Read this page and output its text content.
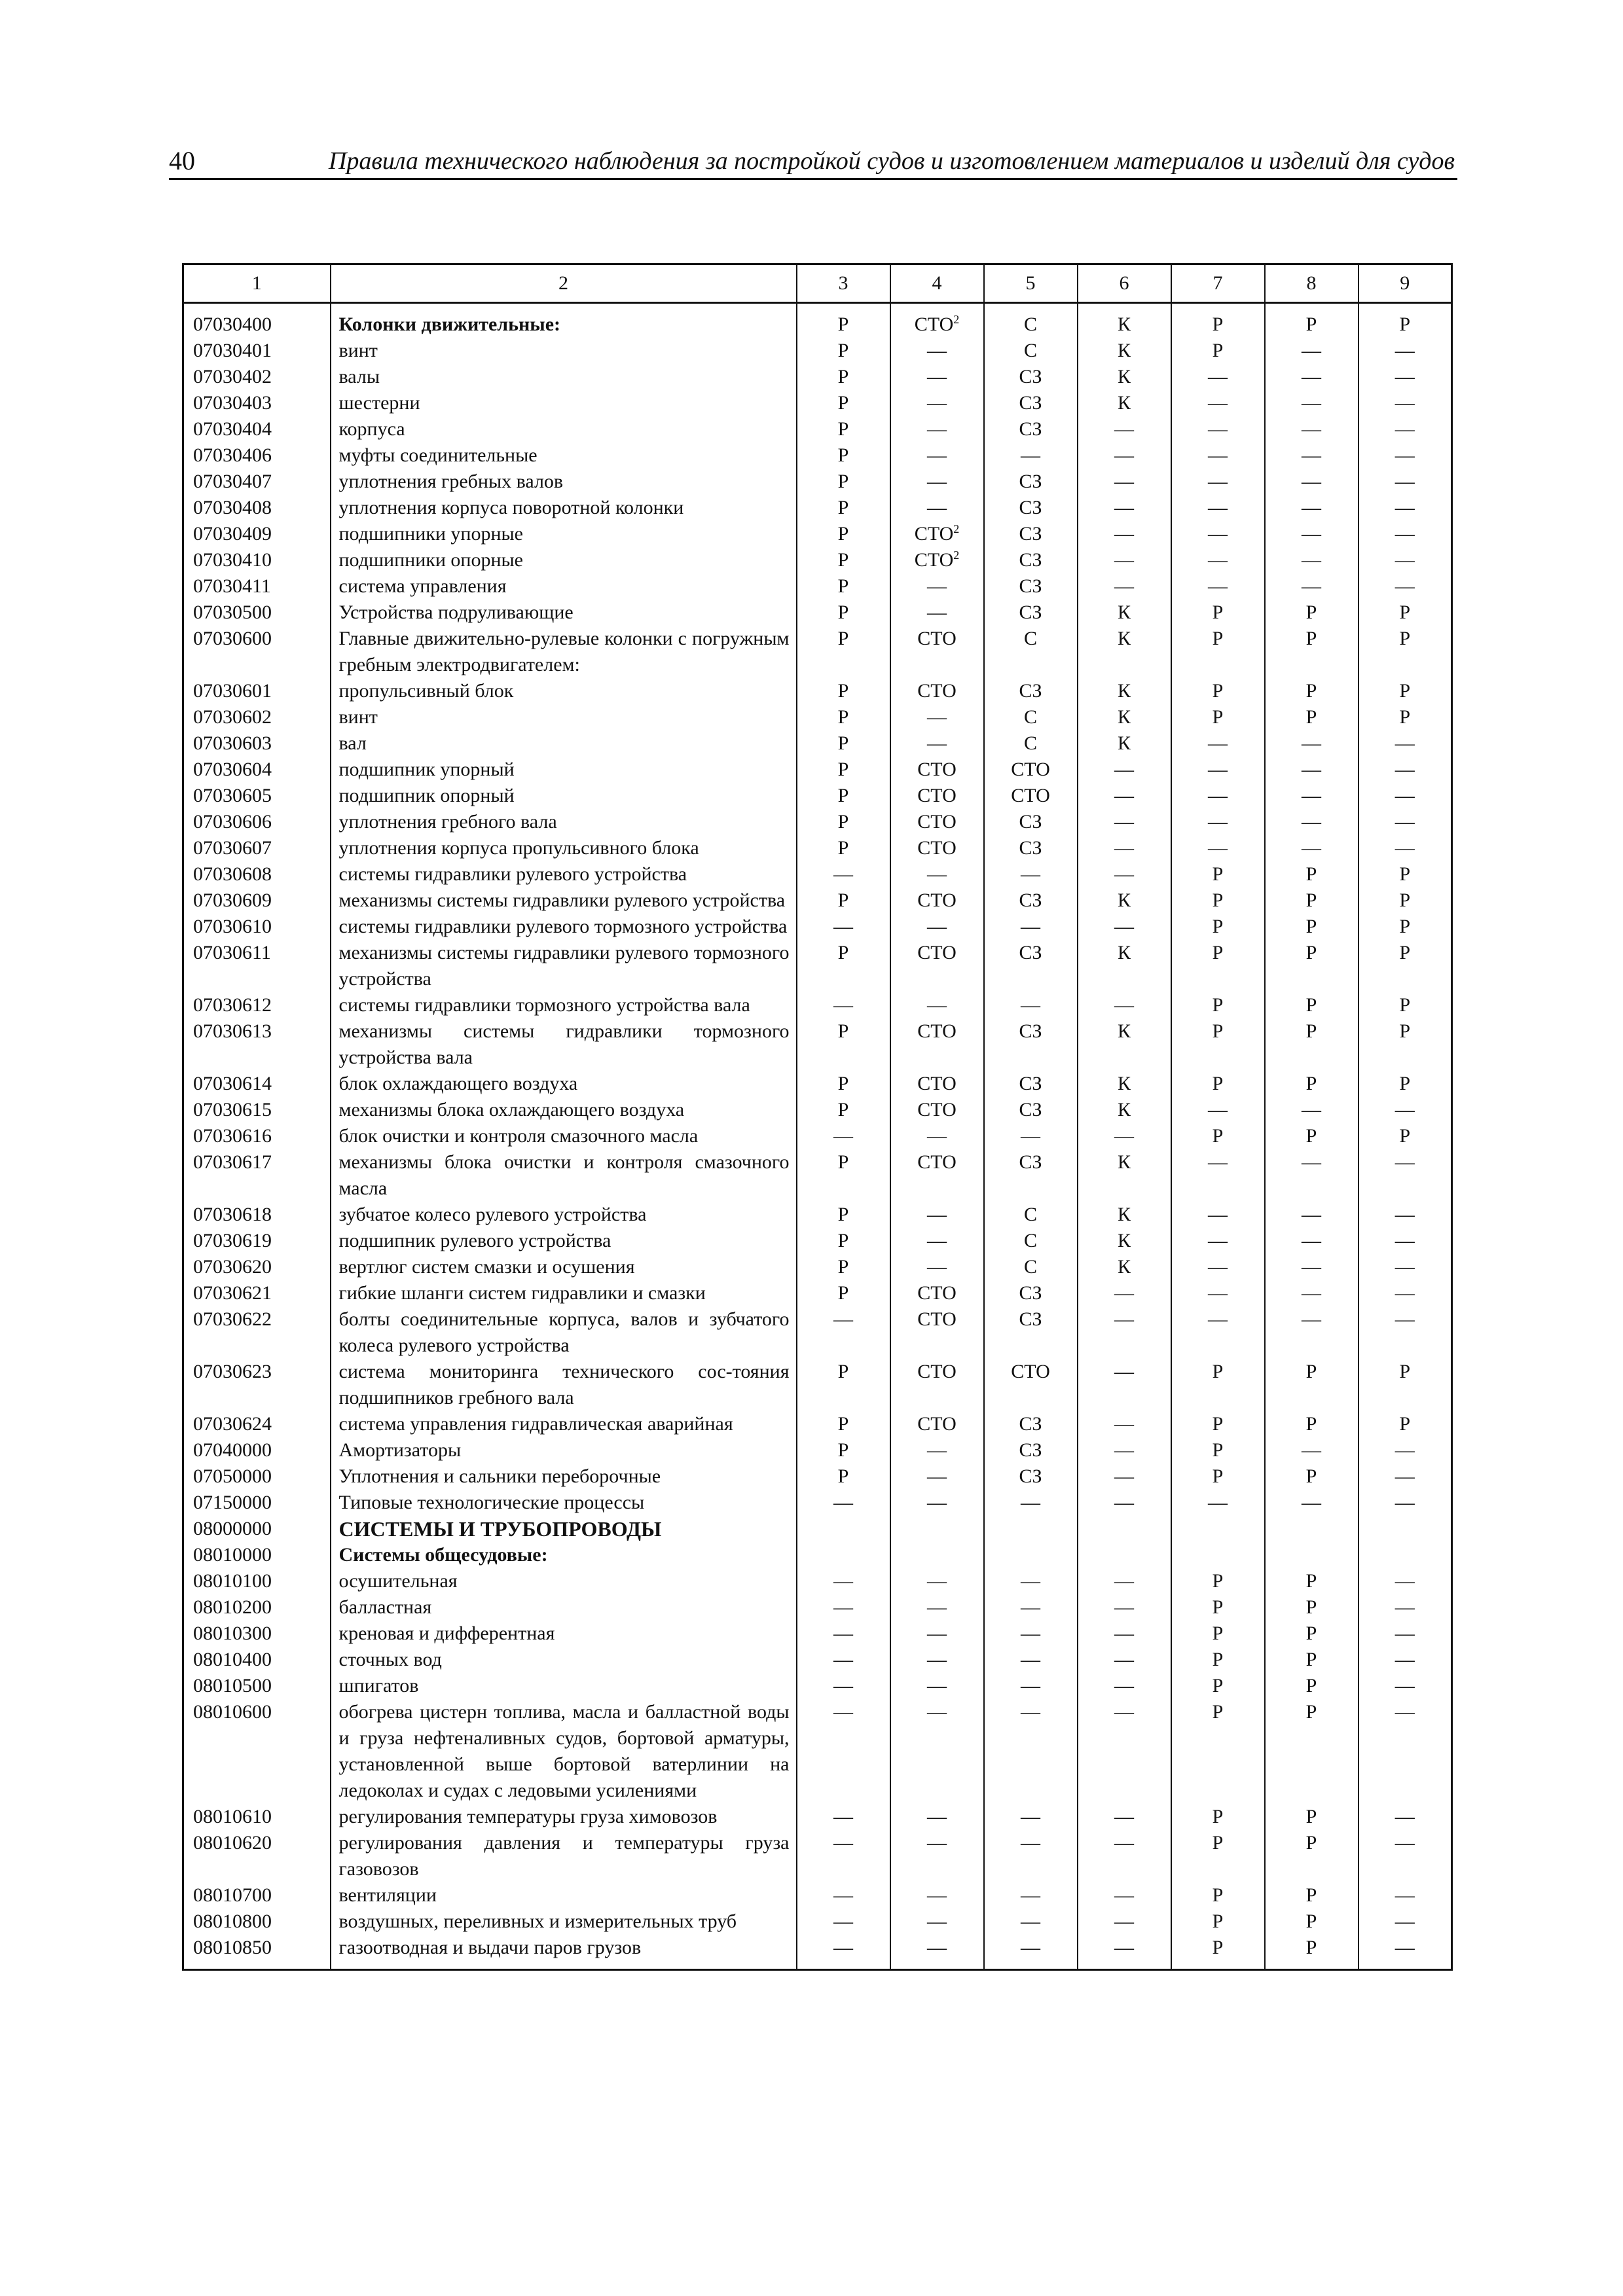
40	Правила технического наблюдения за постройкой судов и изготовлением материалов и изделий для судов
1	2	3	4	5	6	7	8	9
07030400	Колонки движительные:	Р	СТО$^2$	С	К	Р	Р	Р
07030401	винт	Р	—	С	К	Р	—	—
07030402	валы	Р	—	СЗ	К	—	—	—
07030403	шестерни	Р	—	СЗ	К	—	—	—
07030404	корпуса	Р	—	СЗ	—	—	—	—
07030406	муфты соединительные	Р	—	—	—	—	—	—
07030407	уплотнения гребных валов	Р	—	СЗ	—	—	—	—
07030408	уплотнения корпуса поворотной колонки	Р	—	СЗ	—	—	—	—
07030409	подшипники упорные	Р	СТО$^2$	СЗ	—	—	—	—
07030410	подшипники опорные	Р	СТО$^2$	СЗ	—	—	—	—
07030411	система управления	Р	—	СЗ	—	—	—	—
07030500	Устройства подруливающие	Р	—	СЗ	К	Р	Р	Р
07030600	Главные движительно-рулевые колонки с погружным гребным электродвигателем:	Р	СТО	С	К	Р	Р	Р
07030601	пропульсивный блок	Р	СТО	СЗ	К	Р	Р	Р
07030602	винт	Р	—	С	К	Р	Р	Р
07030603	вал	Р	—	С	К	—	—	—
07030604	подшипник упорный	Р	СТО	СТО	—	—	—	—
07030605	подшипник опорный	Р	СТО	СТО	—	—	—	—
07030606	уплотнения гребного вала	Р	СТО	СЗ	—	—	—	—
07030607	уплотнения корпуса пропульсивного блока	Р	СТО	СЗ	—	—	—	—
07030608	системы гидравлики рулевого устройства	—	—	—	—	Р	Р	Р
07030609	механизмы системы гидравлики рулевого устройства	Р	СТО	СЗ	К	Р	Р	Р
07030610	системы гидравлики рулевого тормозного устройства	—	—	—	—	Р	Р	Р
07030611	механизмы системы гидравлики рулевого тормозного устройства	Р	СТО	СЗ	К	Р	Р	Р
07030612	системы гидравлики тормозного устройства вала	—	—	—	—	Р	Р	Р
07030613	механизмы системы гидравлики тормозного устройства вала	Р	СТО	СЗ	К	Р	Р	Р
07030614	блок охлаждающего воздуха	Р	СТО	СЗ	К	Р	Р	Р
07030615	механизмы блока охлаждающего воздуха	Р	СТО	СЗ	К	—	—	—
07030616	блок очистки и контроля смазочного масла	—	—	—	—	Р	Р	Р
07030617	механизмы блока очистки и контроля смазочного масла	Р	СТО	СЗ	К	—	—	—
07030618	зубчатое колесо рулевого устройства	Р	—	С	К	—	—	—
07030619	подшипник рулевого устройства	Р	—	С	К	—	—	—
07030620	вертлюг систем смазки и осушения	Р	—	С	К	—	—	—
07030621	гибкие шланги систем гидравлики и смазки	Р	СТО	СЗ	—	—	—	—
07030622	болты соединительные корпуса, валов и зубчатого колеса рулевого устройства	—	СТО	СЗ	—	—	—	—
07030623	система мониторинга технического сос-тояния подшипников гребного вала	Р	СТО	СТО	—	Р	Р	Р
07030624	система управления гидравлическая аварийная	Р	СТО	СЗ	—	Р	Р	Р
07040000	Амортизаторы	Р	—	СЗ	—	Р	—	—
07050000	Уплотнения и сальники переборочные	Р	—	СЗ	—	Р	Р	—
07150000	Типовые технологические процессы	—	—	—	—	—	—	—
08000000	СИСТЕМЫ И ТРУБОПРОВОДЫ							
08010000	Системы общесудовые:							
08010100	осушительная	—	—	—	—	Р	Р	—
08010200	балластная	—	—	—	—	Р	Р	—
08010300	креновая и дифферентная	—	—	—	—	Р	Р	—
08010400	сточных вод	—	—	—	—	Р	Р	—
08010500	шпигатов	—	—	—	—	Р	Р	—
08010600	обогрева цистерн топлива, масла и балластной воды и груза нефтеналивных судов, бортовой арматуры, установленной выше бортовой ватерлинии на ледоколах и судах с ледовыми усилениями	—	—	—	—	Р	Р	—
08010610	регулирования температуры груза химовозов	—	—	—	—	Р	Р	—
08010620	регулирования давления и температуры груза газовозов	—	—	—	—	Р	Р	—
08010700	вентиляции	—	—	—	—	Р	Р	—
08010800	воздушных, переливных и измерительных труб	—	—	—	—	Р	Р	—
08010850	газоотводная и выдачи паров грузов	—	—	—	—	Р	Р	—
